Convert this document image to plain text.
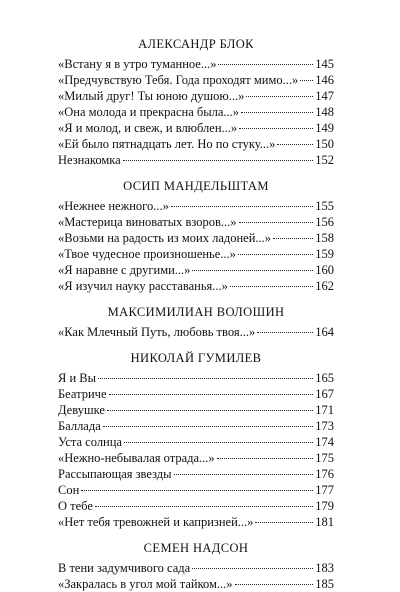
АЛЕКСАНДР БЛОК
«Встану я в утро туманное...»	145
«Предчувствую Тебя. Года проходят мимо...» 146
«Милый друг! Ты юною душою...»	147
«Она молода и прекрасна была...»	148
«Я и молод, и свеж, и влюблен...»	149
«Ей было пятнадцать лет. Но по стуку...»	150
Незнакомка	152
ОСИП МАНДЕЛЬШТАМ
«Нежнее нежного...»	155
«Мастерица виноватых взоров...»	156
«Возьми на радость из моих ладоней...»	158
«Твое чудесное произношенье...»	159
«Я наравне с другими...»	160
«Я изучил науку расставанья...»	162
МАКСИМИЛИАН ВОЛОШИН
«Как Млечный Путь, любовь твоя...»	164
НИКОЛАЙ ГУМИЛЕВ
Я и Вы	165
Беатриче	167
Девушке	171
Баллада	173
Уста солнца	174
«Нежно-небывалая отрада...»	175
Рассыпающая звезды	176
Сон	177
О тебе	179
«Нет тебя тревожней и капризней...»	181
СЕМЕН НАДСОН
В тени задумчивого сада	183
«Закралась в угол мой тайком...»	185
